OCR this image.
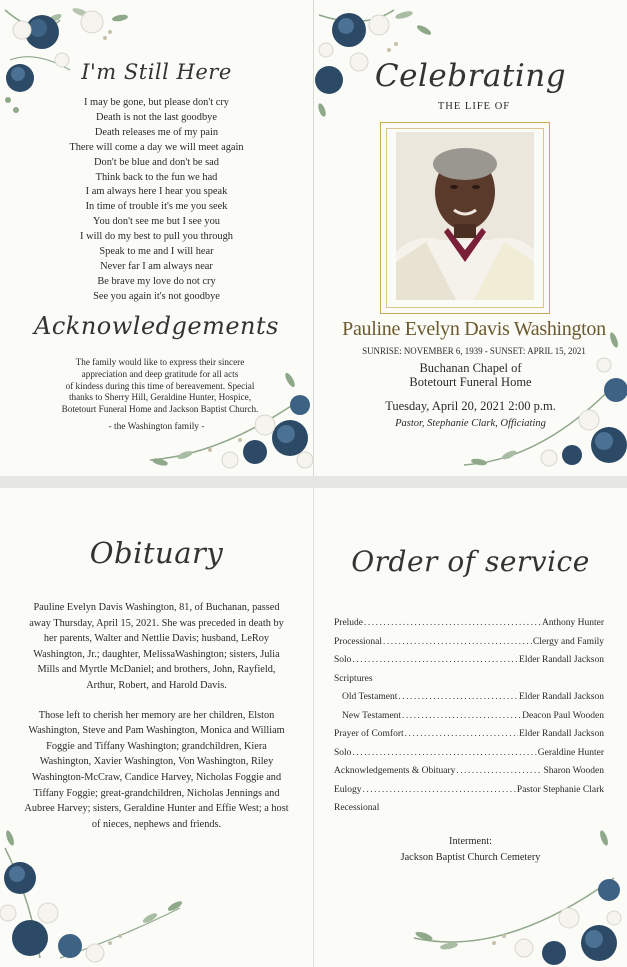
I'm Still Here
I may be gone, but please don't cry
Death is not the last goodbye
Death releases me of my pain
There will come a day we will meet again
Don't be blue and don't be sad
Think back to the fun we had
I am always here I hear you speak
In time of trouble it's me you seek
You don't see me but I see you
I will do my best to pull you through
Speak to me and I will hear
Never far I am always near
Be brave my love do not cry
See you again it's not goodbye
Acknowledgements
The family would like to express their sincere
appreciation and deep gratitude for all acts
of kindess during this time of bereavement. Special
thanks to Sherry Hill, Geraldine Hunter, Hospice,
Botetourt Funeral Home and Jackson Baptist Church.
- the Washington family -
Celebrating
THE LIFE OF
Pauline Evelyn Davis Washington
SUNRISE: NOVEMBER 6, 1939 - SUNSET: APRIL 15, 2021
Buchanan Chapel of
Botetourt Funeral Home
Tuesday, April 20, 2021 2:00 p.m.
Pastor, Stephanie Clark, Officiating
Obituary

Pauline Evelyn Davis Washington, 81, of Buchanan, passed away Thursday, April 15, 2021. She was preceded in death by her parents, Walter and Nettlie Davis; husband, LeRoy Washington, Jr.; daughter, MelissaWashington; sisters, Julia Mills and Myrtle McDaniel; and brothers, John, Rayfield, Arthur, Robert, and Harold Davis.

Those left to cherish her memory are her children, Elston Washington, Steve and Pam Washington, Monica and William Foggie and Tiffany Washington; grandchildren, Kiera Washington, Xavier Washington, Von Washington, Riley Washington-McCraw, Candice Harvey, Nicholas Foggie and Tiffany Foggie; great-grandchildren, Nicholas Jennings and Aubree Harvey; sisters, Geraldine Hunter and Effie West; a host of nieces, nephews and friends.

Order of service
Prelude .....	Anthony Hunter
Processional .....	Clergy and Family
Solo .....	Elder Randall Jackson
Scriptures
Old Testament .....	Elder Randall Jackson
New Testament .....	Deacon Paul Wooden
Prayer of Comfort .....	Elder Randall Jackson
Solo .....	Geraldine Hunter
Acknowledgements & Obituary .....	Sharon Wooden
Eulogy .....	Pastor Stephanie Clark
Recessional
Interment:
Jackson Baptist Church Cemetery
